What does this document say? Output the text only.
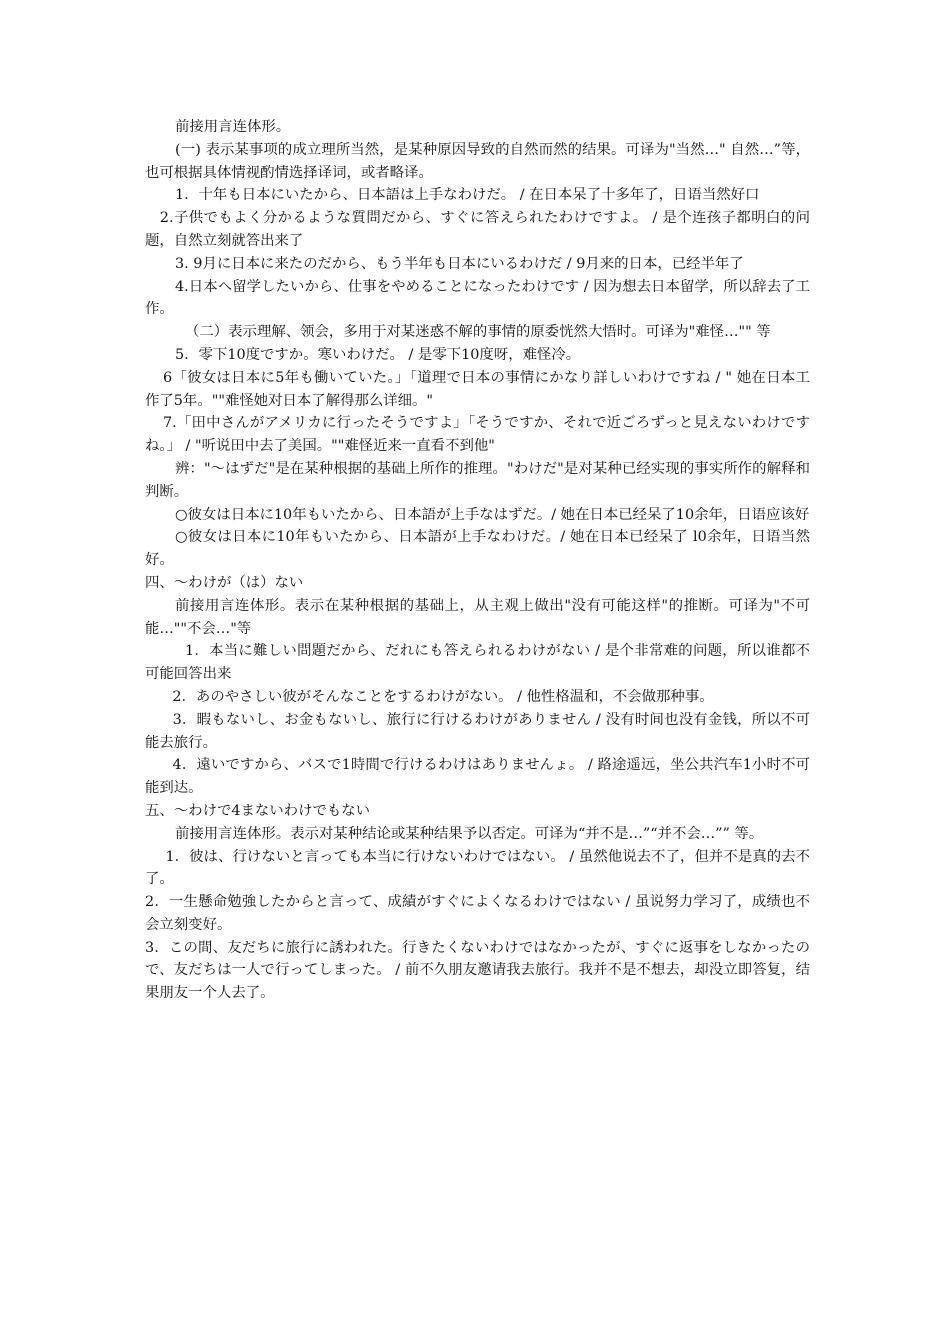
前接用言连体形。

(一) 表示某事项的成立理所当然，是某种原因导致的自然而然的结果。可译为"当然…" 自然…”等，也可根据具体情视酌情选择译词，或者略译。

1．十年も日本にいたから、日本語は上手なわけだ。 / 在日本呆了十多年了，日语当然好口

　2.子供でもよく分かるような質問だから、すぐに答えられたわけですよ。 / 是个连孩子都明白的问题，自然立刻就答出来了

3. 9月に日本に来たのだから、もう半年も日本にいるわけだ / 9月来的日本，已经半年了

4.日本へ留学したいから、仕事をやめることになったわけです / 因为想去日本留学，所以辞去了工作。

（二）表示理解、领会，多用于对某迷惑不解的事情的原委恍然大悟时。可译为"难怪…"" 等

5．零下10度ですか。寒いわけだ。 / 是零下10度呀，难怪冷。

6「彼女は日本に5年も働いていた。」「道理で日本の事情にかなり詳しいわけですね / " 她在日本工作了5年。""难怪她对日本了解得那么详细。"

7.「田中さんがアメリカに行ったそうですよ」「そうですか、それで近ごろずっと見えないわけですね。」 / "听说田中去了美国。""难怪近来一直看不到他"

辨："～はずだ"是在某种根据的基础上所作的推理。"わけだ"是对某种已经实现的事实所作的解释和判断。

○彼女は日本に10年もいたから、日本語が上手なはずだ。/ 她在日本已经呆了10余年，日语应该好

○彼女は日本に10年もいたから、日本語が上手なわけだ。/ 她在日本已经呆了 l0余年，日语当然好。

四、～わけが（は）ない

前接用言连体形。表示在某种根据的基础上，从主观上做出"没有可能这样"的推断。可译为"不可能…""不会…"等

1．本当に難しい問題だから、だれにも答えられるわけがない / 是个非常难的问题，所以谁都不可能回答出来

　2．あのやさしい彼がそんなことをするわけがない。 / 他性格温和，不会做那种事。

　3．暇もないし、お金もないし、旅行に行けるわけがありません / 没有时间也没有金钱，所以不可能去旅行。

　4．遠いですから、バスで1時間で行けるわけはありませんょ。 / 路途遥远，坐公共汽车1小时不可能到达。

五、～わけで4まないわけでもない

前接用言连体形。表示对某种结论或某种结果予以否定。可译为“并不是…”“并不会…”” 等。

　1．彼は、行けないと言っても本当に行けないわけではない。 / 虽然他说去不了，但并不是真的去不了。

2．一生懸命勉強したからと言って、成績がすぐによくなるわけではない / 虽说努力学习了，成绩也不会立刻变好。

3．この間、友だちに旅行に誘われた。行きたくないわけではなかったが、すぐに返事をしなかったので、友だちは一人で行ってしまった。 / 前不久朋友邀请我去旅行。我并不是不想去，却没立即答复，结果朋友一个人去了。
